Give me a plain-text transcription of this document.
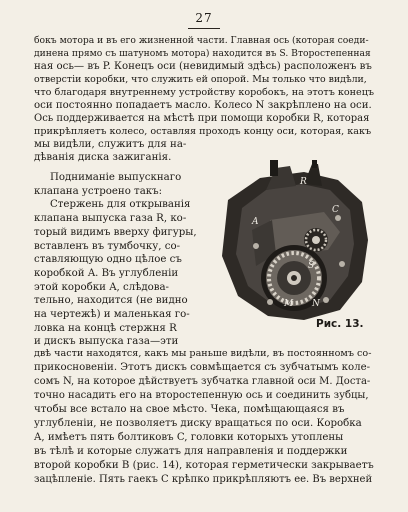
27
бокъ мотора и въ его жизненной части. Главная ось (которая соеди-
динена прямо съ шатуномъ мотора) находится въ S. Второстепенная
ная ось— въ P. Конецъ оси (невидимый здѣсь) расположенъ въ
отверстіи коробки, что служить ей опорой. Мы только что видѣли,
что благодаря внутреннему устройству коробокъ, на этотъ конецъ
оси постоянно попадаетъ масло. Колесо N закрѣплено на оси.
Ось поддерживается на мѣстѣ при помощи коробки R, которая
прикрѣпляетъ колесо, оставляя проходъ концу оси, которая, какъ
мы видѣли, служитъ для на-
дѣванія диска зажиганія.
Подниманіе выпускнаго
клапана устроено такъ:
Стержень для открыванія
клапана выпуска газа R, ко-
торый видимъ вверху фигуры,
вставленъ въ тумбочку, со-
ставляющую одно цѣлое съ
коробкой A. Въ углубленіи
этой коробки A, слѣдова-
тельно, находится (не видно
на чертежѣ) и маленькая го-
ловка на концѣ стержня R
и дискъ выпуска газа—эти
двѣ части находятся, какъ мы раньше видѣли, въ постоянномъ со-
прикосновеніи. Этотъ дискъ совмѣщается съ зубчатымъ коле-
сомъ N, на которое дѣйствуетъ зубчатка главной оси M. Доста-
точно насадить его на второстепенную ось и соединить зубцы,
чтобы все встало на свое мѣсто. Чека, помѣщающаяся въ
углубленіи, не позволяетъ диску вращаться по оси. Коробка
A, имѣетъ пять болтиковъ C, головки которыхъ утоплены
въ тѣлѣ и которые служатъ для направленія и поддержки
второй коробки B (рис. 14), которая герметически закрываетъ
зацѣпленіе. Пять гаекъ C крѣпко прикрѣпляютъ ее. Въ верхней
R
A
C
S
M N
Рис. 13.
